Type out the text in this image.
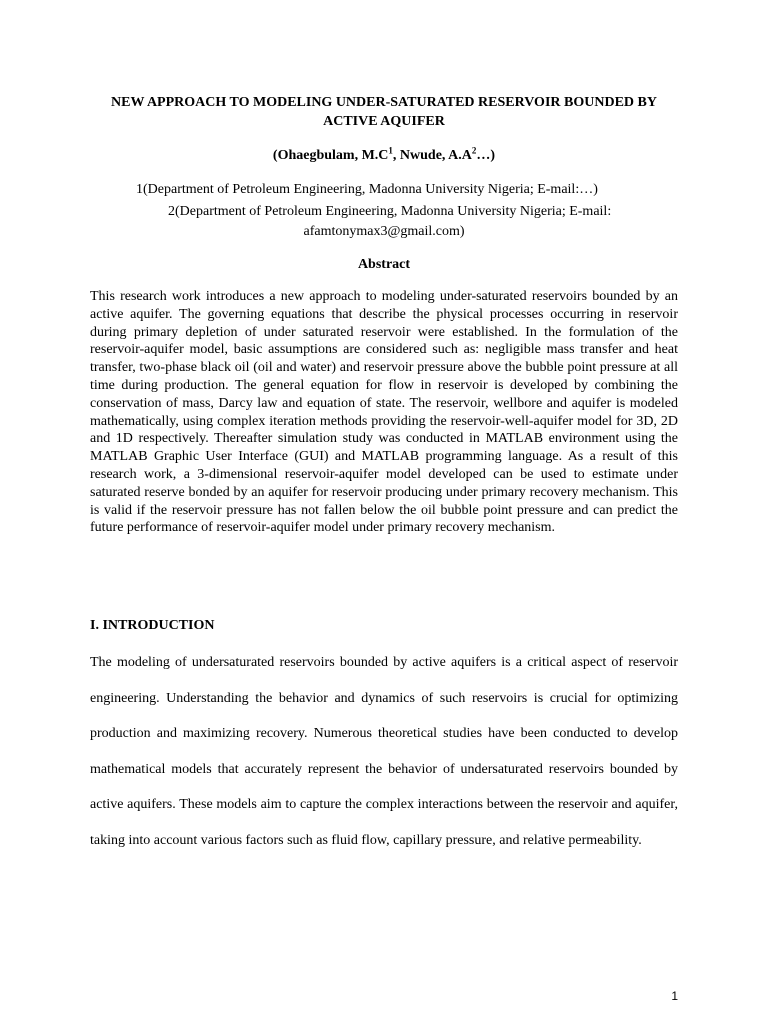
NEW APPROACH TO MODELING UNDER-SATURATED RESERVOIR BOUNDED BY ACTIVE AQUIFER

(Ohaegbulam, $M.C^1$, Nwude, $A.A^2\dots$)

1(Department of Petroleum Engineering, Madonna University Nigeria; E-mail:…)

2(Department of Petroleum Engineering, Madonna University Nigeria; E-mail:

afamtonymax3@gmail.com)

Abstract

This research work introduces a new approach to modeling under-saturated reservoirs bounded by an active aquifer. The governing equations that describe the physical processes occurring in reservoir during primary depletion of under saturated reservoir were established. In the formulation of the reservoir-aquifer model, basic assumptions are considered such as: negligible mass transfer and heat transfer, two-phase black oil (oil and water) and reservoir pressure above the bubble point pressure at all time during production. The general equation for flow in reservoir is developed by combining the conservation of mass, Darcy law and equation of state. The reservoir, wellbore and aquifer is modeled mathematically, using complex iteration methods providing the reservoir-well-aquifer model for 3D, 2D and 1D respectively. Thereafter simulation study was conducted in MATLAB environment using the MATLAB Graphic User Interface (GUI) and MATLAB programming language. As a result of this research work, a 3-dimensional reservoir-aquifer model developed can be used to estimate under saturated reserve bonded by an aquifer for reservoir producing under primary recovery mechanism. This is valid if the reservoir pressure has not fallen below the oil bubble point pressure and can predict the future performance of reservoir-aquifer model under primary recovery mechanism.

I. INTRODUCTION

The modeling of undersaturated reservoirs bounded by active aquifers is a critical aspect of reservoir engineering. Understanding the behavior and dynamics of such reservoirs is crucial for optimizing production and maximizing recovery. Numerous theoretical studies have been conducted to develop mathematical models that accurately represent the behavior of undersaturated reservoirs bounded by active aquifers. These models aim to capture the complex interactions between the reservoir and aquifer, taking into account various factors such as fluid flow, capillary pressure, and relative permeability.

1
